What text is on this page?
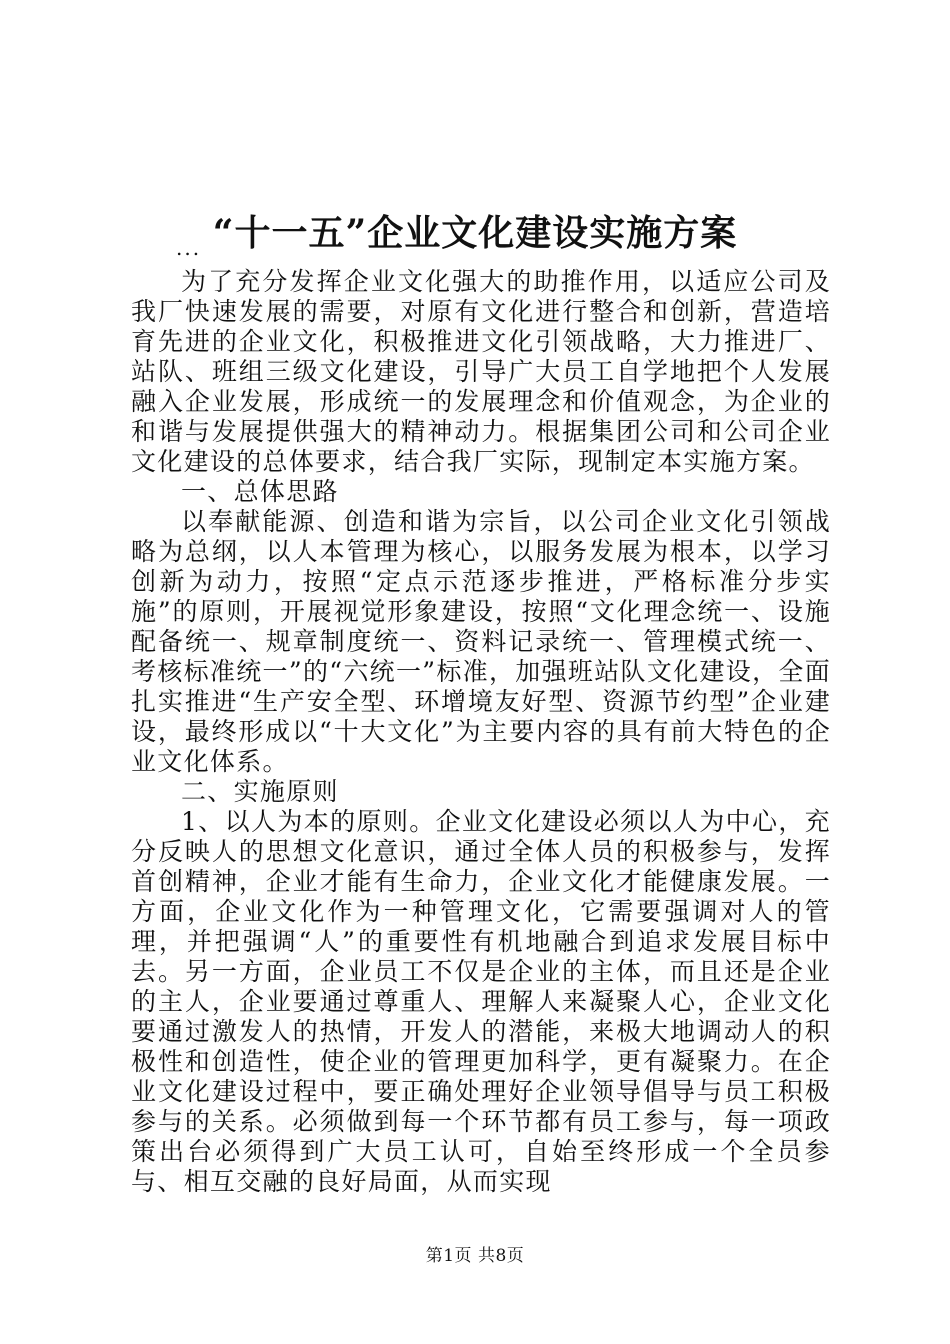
“十一五”企业文化建设实施方案
...

为了充分发挥企业文化强大的助推作用，以适应公司及我厂快速发展的需要，对原有文化进行整合和创新，营造培育先进的企业文化，积极推进文化引领战略，大力推进厂、站队、班组三级文化建设，引导广大员工自学地把个人发展融入企业发展，形成统一的发展理念和价值观念，为企业的和谐与发展提供强大的精神动力。根据集团公司和公司企业文化建设的总体要求，结合我厂实际，现制定本实施方案。

一、总体思路

以奉献能源、创造和谐为宗旨，以公司企业文化引领战略为总纲，以人本管理为核心，以服务发展为根本，以学习创新为动力，按照“定点示范逐步推进，严格标准分步实施”的原则，开展视觉形象建设，按照“文化理念统一、设施配备统一、规章制度统一、资料记录统一、管理模式统一、考核标准统一”的“六统一”标准，加强班站队文化建设，全面扎实推进“生产安全型、环增境友好型、资源节约型”企业建设，最终形成以“十大文化”为主要内容的具有前大特色的企业文化体系。

二、实施原则

1、以人为本的原则。企业文化建设必须以人为中心，充分反映人的思想文化意识，通过全体人员的积极参与，发挥首创精神，企业才能有生命力，企业文化才能健康发展。一方面，企业文化作为一种管理文化，它需要强调对人的管理，并把强调“人”的重要性有机地融合到追求发展目标中去。另一方面，企业员工不仅是企业的主体，而且还是企业的主人，企业要通过尊重人、理解人来凝聚人心，企业文化要通过激发人的热情，开发人的潜能，来极大地调动人的积极性和创造性，使企业的管理更加科学，更有凝聚力。在企业文化建设过程中，要正确处理好企业领导倡导与员工积极参与的关系。必须做到每一个环节都有员工参与，每一项政策出台必须得到广大员工认可，自始至终形成一个全员参与、相互交融的良好局面，从而实现

第1页 共8页
